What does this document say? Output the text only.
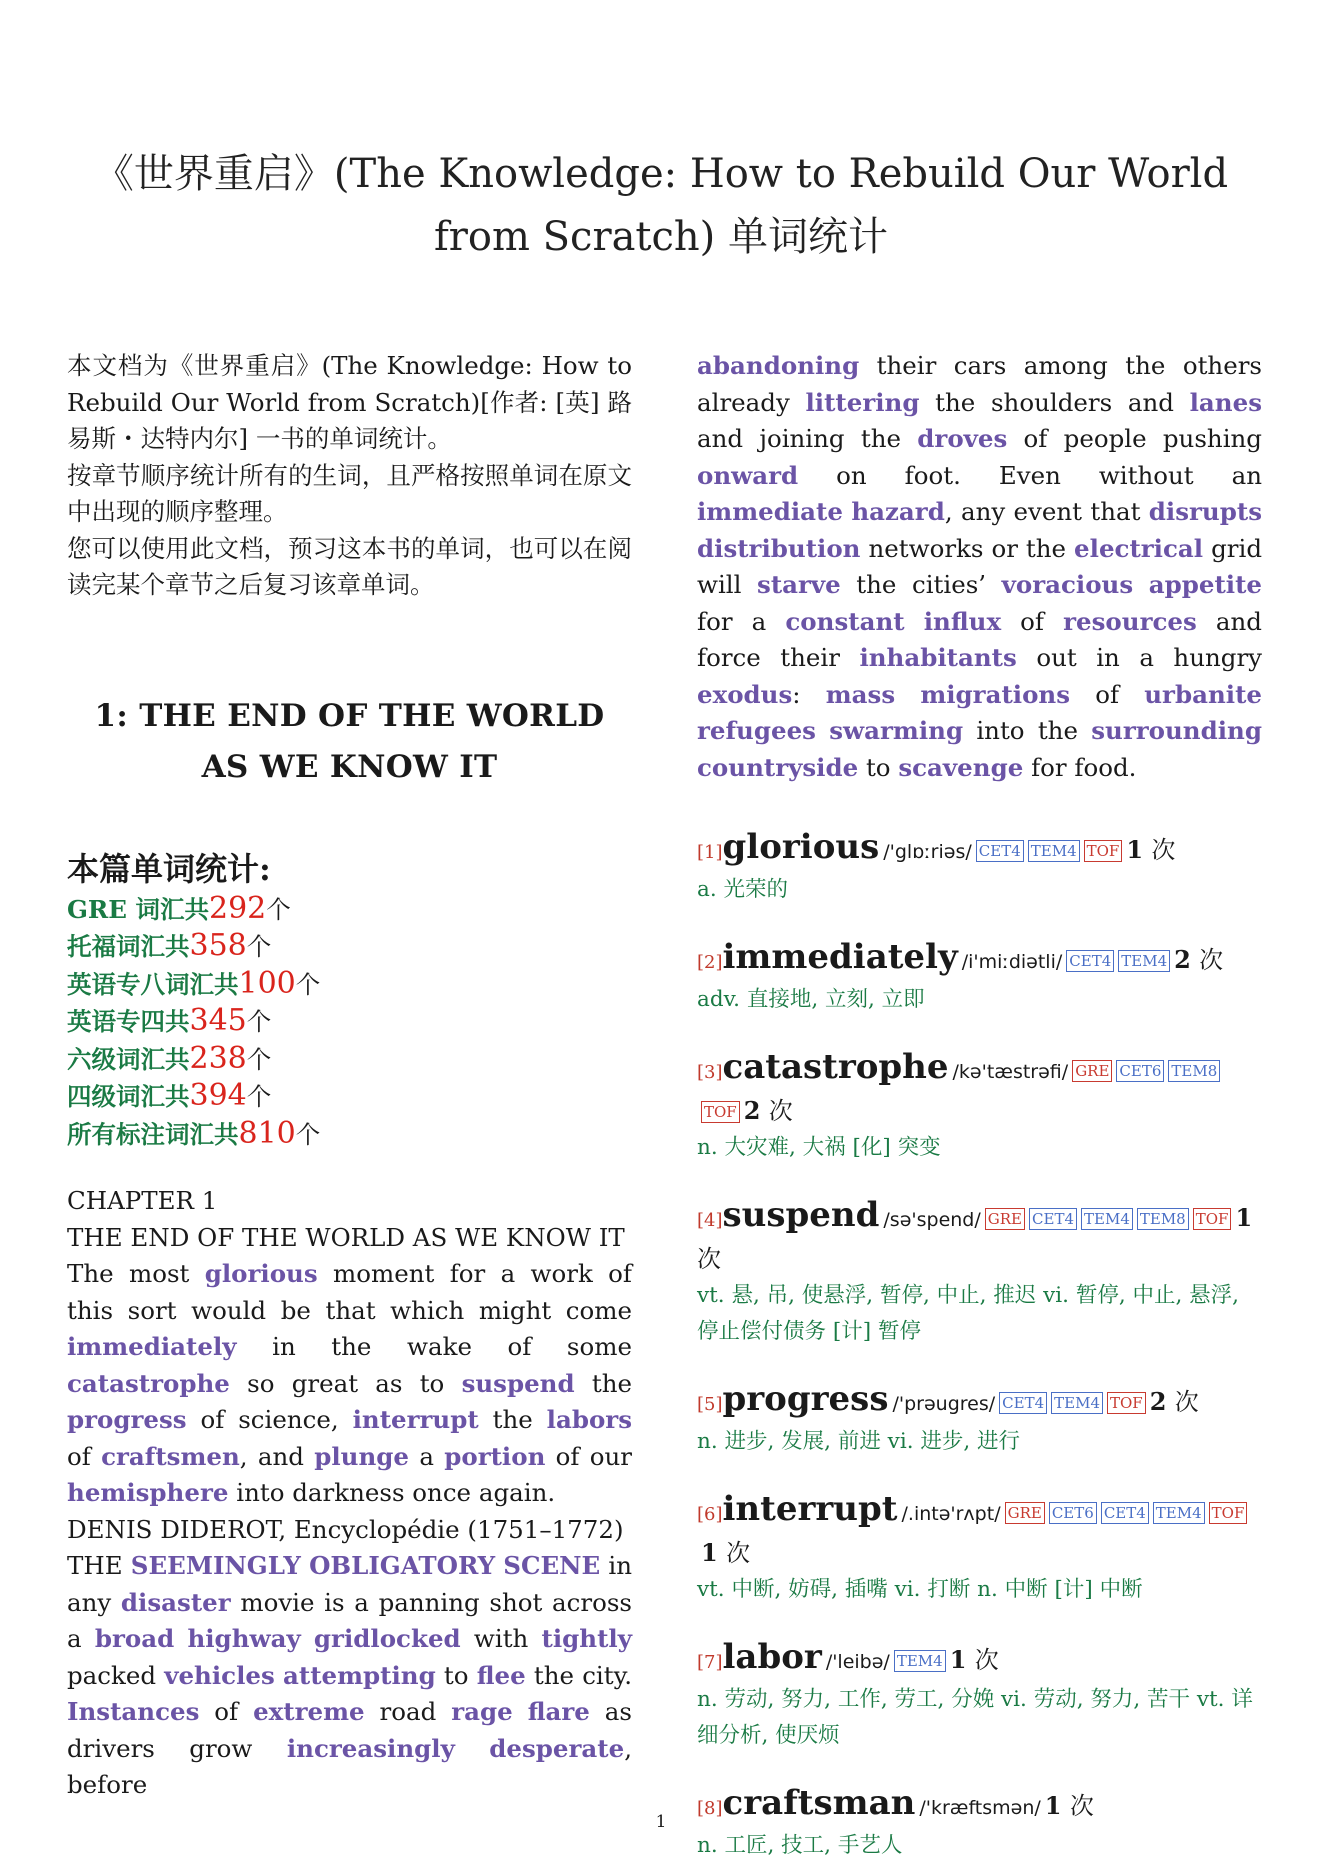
《世界重启》(The Knowledge: How to Rebuild Our World from Scratch) 单词统计

本文档为《世界重启》(The Knowledge: How to Rebuild Our World from Scratch)[作者: [英] 路易斯・达特内尔] 一书的单词统计。

按章节顺序统计所有的生词，且严格按照单词在原文中出现的顺序整理。

您可以使用此文档，预习这本书的单词，也可以在阅读完某个章节之后复习该章单词。

1: THE END OF THE WORLD AS WE KNOW IT
本篇单词统计:
GRE 词汇共292个
托福词汇共358个
英语专八词汇共100个
英语专四共345个
六级词汇共238个
四级词汇共394个
所有标注词汇共810个
CHAPTER 1
THE END OF THE WORLD AS WE KNOW IT

The most glorious moment for a work of this sort would be that which might come immediately in the wake of some catastrophe so great as to suspend the progress of science, interrupt the labors of craftsmen, and plunge a portion of our hemisphere into darkness once again.

DENIS DIDEROT, Encyclopédie (1751–1772)

THE SEEMINGLY OBLIGATORY SCENE in any disaster movie is a panning shot across a broad highway gridlocked with tightly packed vehicles attempting to flee the city. Instances of extreme road rage flare as drivers grow increasingly desperate, before

abandoning their cars among the others already littering the shoulders and lanes and joining the droves of people pushing onward on foot. Even without an immediate hazard, any event that disrupts distribution networks or the electrical grid will starve the cities’ voracious appetite for a constant influx of resources and force their inhabitants out in a hungry exodus: mass migrations of urbanite refugees swarming into the surrounding countryside to scavenge for food.

[1]glorious /'glɒːriəs/ CET4 TEM4 TOF 1 次
a. 光荣的
[2]immediately /i'miːdiətli/ CET4 TEM4 2 次
adv. 直接地, 立刻, 立即
[3]catastrophe /kə'tæstrəfi/ GRE CET6 TEM8TOF 2 次
n. 大灾难, 大祸 [化] 突变
[4]suspend /sə'spend/ GRE CET4 TEM4 TEM8 TOF 1 次
vt. 悬, 吊, 使悬浮, 暂停, 中止, 推迟 vi. 暂停, 中止, 悬浮, 停止偿付债务 [计] 暂停
[5]progress /'prəugres/ CET4 TEM4 TOF 2 次
n. 进步, 发展, 前进 vi. 进步, 进行
[6]interrupt /.intə'rʌpt/ GRE CET6 CET4 TEM4 TOF1 次
vt. 中断, 妨碍, 插嘴 vi. 打断 n. 中断 [计] 中断
[7]labor /'leibə/ TEM4 1 次
n. 劳动, 努力, 工作, 劳工, 分娩 vi. 劳动, 努力, 苦干 vt. 详细分析, 使厌烦
[8]craftsman /'kræftsmən/ 1 次
n. 工匠, 技工, 手艺人
1
